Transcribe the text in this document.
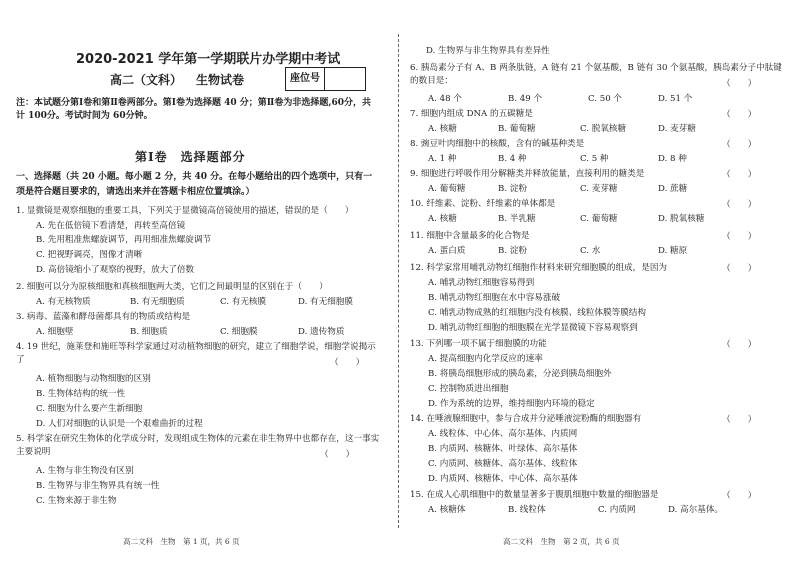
2020-2021 学年第一学期联片办学期中考试
高二（文科） 生物试卷	座位号
注：本试题分第Ⅰ卷和第Ⅱ卷两部分。第Ⅰ卷为选择题 40 分；第Ⅱ卷为非选择题,60分，共计 100分。考试时间为 60分钟。
第Ⅰ卷　选择题部分
一、选择题（共 20 小题。每小题 2 分，共 40 分。在每小题给出的四个选项中，只有一项是符合题目要求的，请选出来并在答题卡相应位置填涂。）
1. 显微镜是观察细胞的重要工具，下列关于显微镜高倍镜使用的描述，错误的是（　　）
A. 先在低倍镜下看清楚，再转至高倍镜
B. 先用粗准焦螺旋调节，再用细准焦螺旋调节
C. 把视野调亮，图像才清晰
D. 高倍镜缩小了观察的视野，放大了倍数
2. 细胞可以分为原核细胞和真核细胞两大类，它们之间最明显的区别在于（　　）
A. 有无核物质	B. 有无细胞质	C. 有无核膜	D. 有无细胞膜
3. 病毒、蓝藻和酵母菌都具有的物质或结构是
A. 细胞壁	B. 细胞质	C. 细胞膜	D. 遗传物质
4. 19 世纪，施莱登和施旺等科学家通过对动植物细胞的研究，建立了细胞学说，细胞学说揭示了	（　　）
A. 植物细胞与动物细胞的区别
B. 生物体结构的统一性
C. 细胞为什么要产生新细胞
D. 人们对细胞的认识是一个艰难曲折的过程
5. 科学家在研究生物体的化学成分时，发现组成生物体的元素在非生物界中也都存在，这一事实主要说明	（　　）
A. 生物与非生物没有区别
B. 生物界与非生物界具有统一性
C. 生物来源于非生物
高二文科　生物　第 1 页，共 6 页
D. 生物界与非生物界具有差异性
6. 胰岛素分子有 A、B 两条肽链，A 链有 21 个氨基酸，B 链有 30 个氨基酸，胰岛素分子中肽键的数目是：	（　　）
A. 48 个	B. 49 个	C. 50 个	D. 51 个
7. 细胞内组成 DNA 的五碳糖是	（　　）
A. 核糖	B. 葡萄糖	C. 脱氧核糖	D. 麦芽糖
8. 豌豆叶肉细胞中的核酸，含有的碱基种类是	（　　）
A. 1 种	B. 4 种	C. 5 种	D. 8 种
9. 细胞进行呼吸作用分解糖类并释放能量，直接利用的糖类是	（　　）
A. 葡萄糖	B. 淀粉	C. 麦芽糖	D. 蔗糖
10. 纤维素、淀粉、纤维素的单体都是	（　　）
A. 核糖	B. 半乳糖	C. 葡萄糖	D. 脱氧核糖
11. 细胞中含量最多的化合物是	（　　）
A. 蛋白质	B. 淀粉	C. 水	D. 糖原
12. 科学家常用哺乳动物红细胞作材料来研究细胞膜的组成，是因为	（　　）
A. 哺乳动物红细胞容易得到
B. 哺乳动物红细胞在水中容易涨破
C. 哺乳动物成熟的红细胞内没有核膜、线粒体膜等膜结构
D. 哺乳动物红细胞的细胞膜在光学显微镜下容易观察到
13. 下列哪一项不属于细胞膜的功能	（　　）
A. 提高细胞内化学反应的速率
B. 将胰岛细胞形成的胰岛素，分泌到胰岛细胞外
C. 控制物质进出细胞
D. 作为系统的边界，维持细胞内环境的稳定
14. 在唾液腺细胞中，参与合成并分泌唾液淀粉酶的细胞器有	（　　）
A. 线粒体、中心体、高尔基体、内质网
B. 内质网、核糖体、叶绿体、高尔基体
C. 内质网、核糖体、高尔基体、线粒体
D. 内质网、核糖体、中心体、高尔基体
15. 在成人心肌细胞中的数量显著多于腹肌细胞中数量的细胞器是	（　　）
A. 核糖体	B. 线粒体	C. 内质网	D. 高尔基体。
高二文科　生物　第 2 页，共 6 页
